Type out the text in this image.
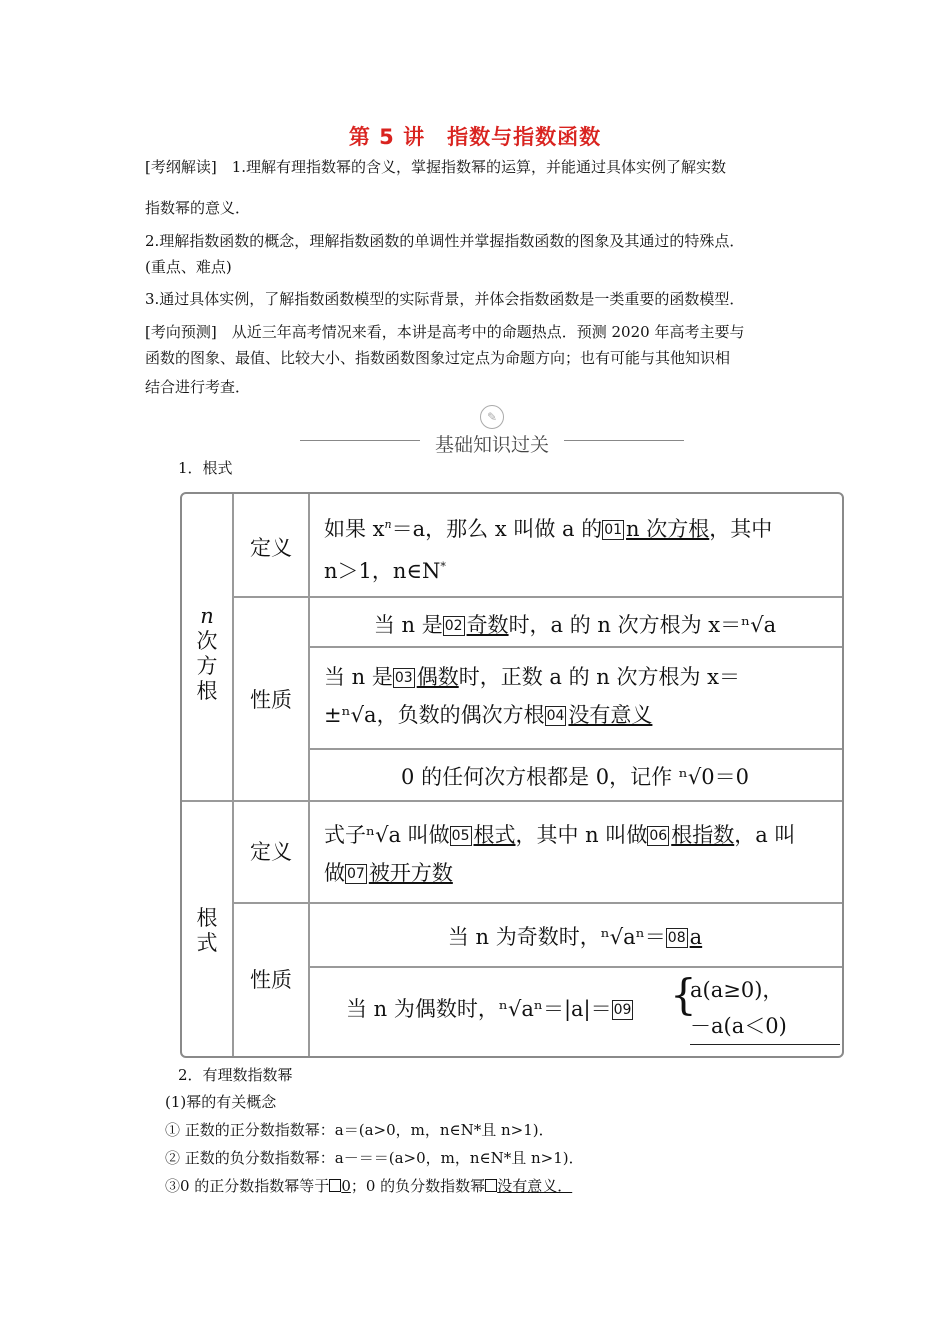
第 5 讲　指数与指数函数
[考纲解读]　 1.理解有理指数幂的含义，掌握指数幂的运算，并能通过具体实例了解实数
指数幂的意义．
2.理解指数函数的概念，理解指数函数的单调性并掌握指数函数的图象及其通过的特殊点．
(重点、难点)
3.通过具体实例，了解指数函数模型的实际背景，并体会指数函数是一类重要的函数模型．
[考向预测]　 从近三年高考情况来看，本讲是高考中的命题热点．预测 2020 年高考主要与
函数的图象、最值、比较大小、指数函数图象过定点为命题方向；也有可能与其他知识相
结合进行考查．
✎
基础知识过关
1．根式
n
次
方
根
根
式
定义
性质
定义
性质
如果 $x^n=a$，那么 x 叫做 a 的 01 n 次方根，其中
n＞1，n∈N*
当 n 是 02 奇数时，a 的 n 次方根为 x＝ⁿ√a
当 n 是 03 偶数时，正数 a 的 n 次方根为 x＝
±ⁿ√a，负数的偶次方根 04 没有意义
0 的任何次方根都是 0，记作 ⁿ√0＝0
式子ⁿ√a 叫做 05 根式，其中 n 叫做 06 根指数，a 叫
做 07 被开方数
当 n 为奇数时，ⁿ√aⁿ＝ 08 a
当 n 为偶数时，ⁿ√aⁿ＝|a|＝ 09 {
a(a≥0)，
－a(a＜0)
2．有理数指数幂
(1)幂的有关概念
① 正数的正分数指数幂：a＝(a>0，m，n∈N*且 n>1)．
② 正数的负分数指数幂：a－＝＝(a>0，m，n∈N*且 n>1)．
③0 的正分数指数幂等于 0；0 的负分数指数幂 没有意义．
